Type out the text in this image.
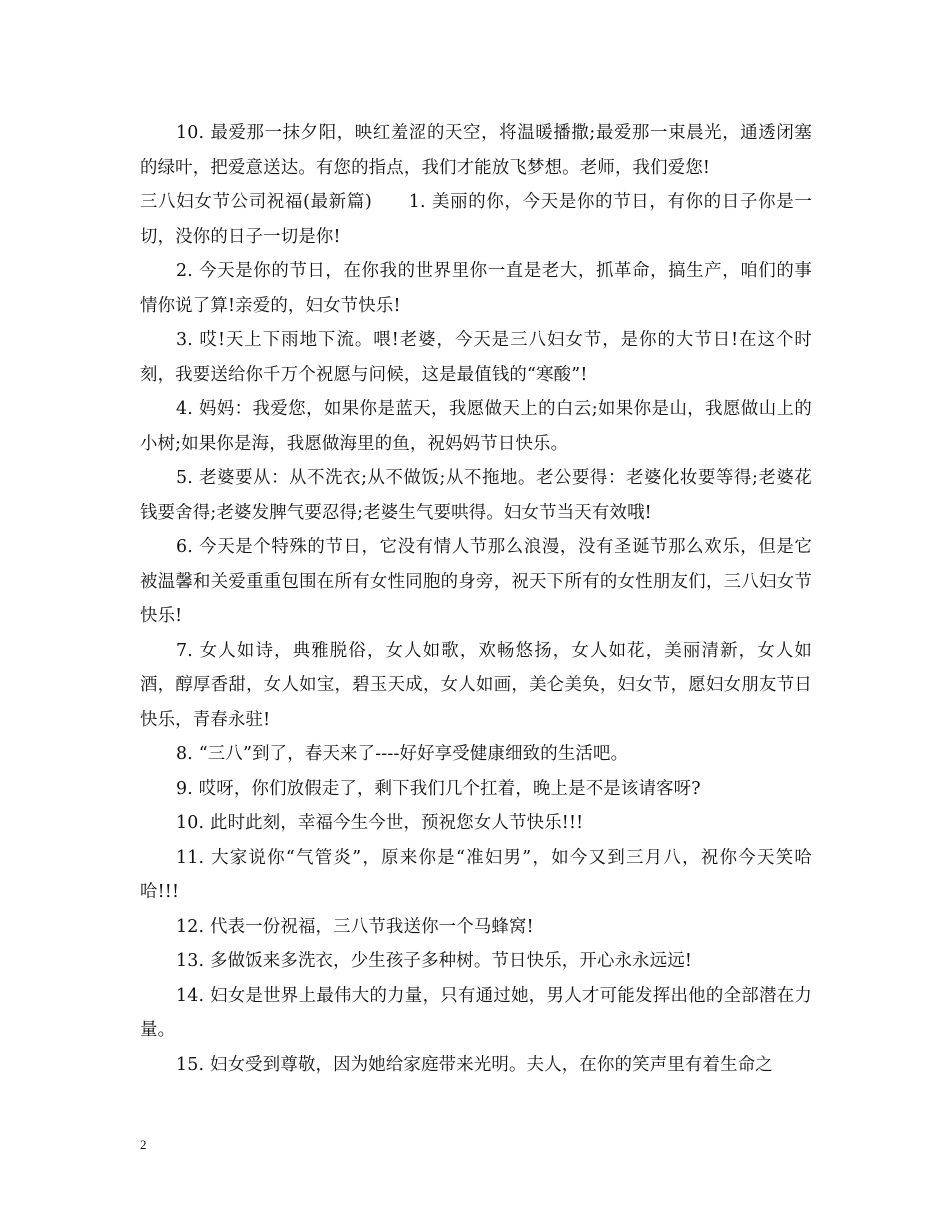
10. 最爱那一抹夕阳，映红羞涩的天空，将温暖播撒;最爱那一束晨光，通透闭塞的绿叶，把爱意送达。有您的指点，我们才能放飞梦想。老师，我们爱您!

三八妇女节公司祝福(最新篇)　　1. 美丽的你，今天是你的节日，有你的日子你是一切，没你的日子一切是你!

2. 今天是你的节日，在你我的世界里你一直是老大，抓革命，搞生产，咱们的事情你说了算!亲爱的，妇女节快乐!

3. 哎!天上下雨地下流。喂!老婆，今天是三八妇女节，是你的大节日!在这个时刻，我要送给你千万个祝愿与问候，这是最值钱的“寒酸”!

4. 妈妈：我爱您，如果你是蓝天，我愿做天上的白云;如果你是山，我愿做山上的小树;如果你是海，我愿做海里的鱼，祝妈妈节日快乐。

5. 老婆要从：从不洗衣;从不做饭;从不拖地。老公要得：老婆化妆要等得;老婆花钱要舍得;老婆发脾气要忍得;老婆生气要哄得。妇女节当天有效哦!

6. 今天是个特殊的节日，它没有情人节那么浪漫，没有圣诞节那么欢乐，但是它被温馨和关爱重重包围在所有女性同胞的身旁，祝天下所有的女性朋友们，三八妇女节快乐!

7. 女人如诗，典雅脱俗，女人如歌，欢畅悠扬，女人如花，美丽清新，女人如酒，醇厚香甜，女人如宝，碧玉天成，女人如画，美仑美奂，妇女节，愿妇女朋友节日快乐，青春永驻!

8. “三八”到了，春天来了----好好享受健康细致的生活吧。

9. 哎呀，你们放假走了，剩下我们几个扛着，晚上是不是该请客呀?

10. 此时此刻，幸福今生今世，预祝您女人节快乐!!!

11. 大家说你“气管炎”，原来你是“准妇男”，如今又到三月八，祝你今天笑哈哈!!!

12. 代表一份祝福，三八节我送你一个马蜂窝!

13. 多做饭来多洗衣，少生孩子多种树。节日快乐，开心永永远远!

14. 妇女是世界上最伟大的力量，只有通过她，男人才可能发挥出他的全部潜在力量。

15. 妇女受到尊敬，因为她给家庭带来光明。夫人，在你的笑声里有着生命之

2
